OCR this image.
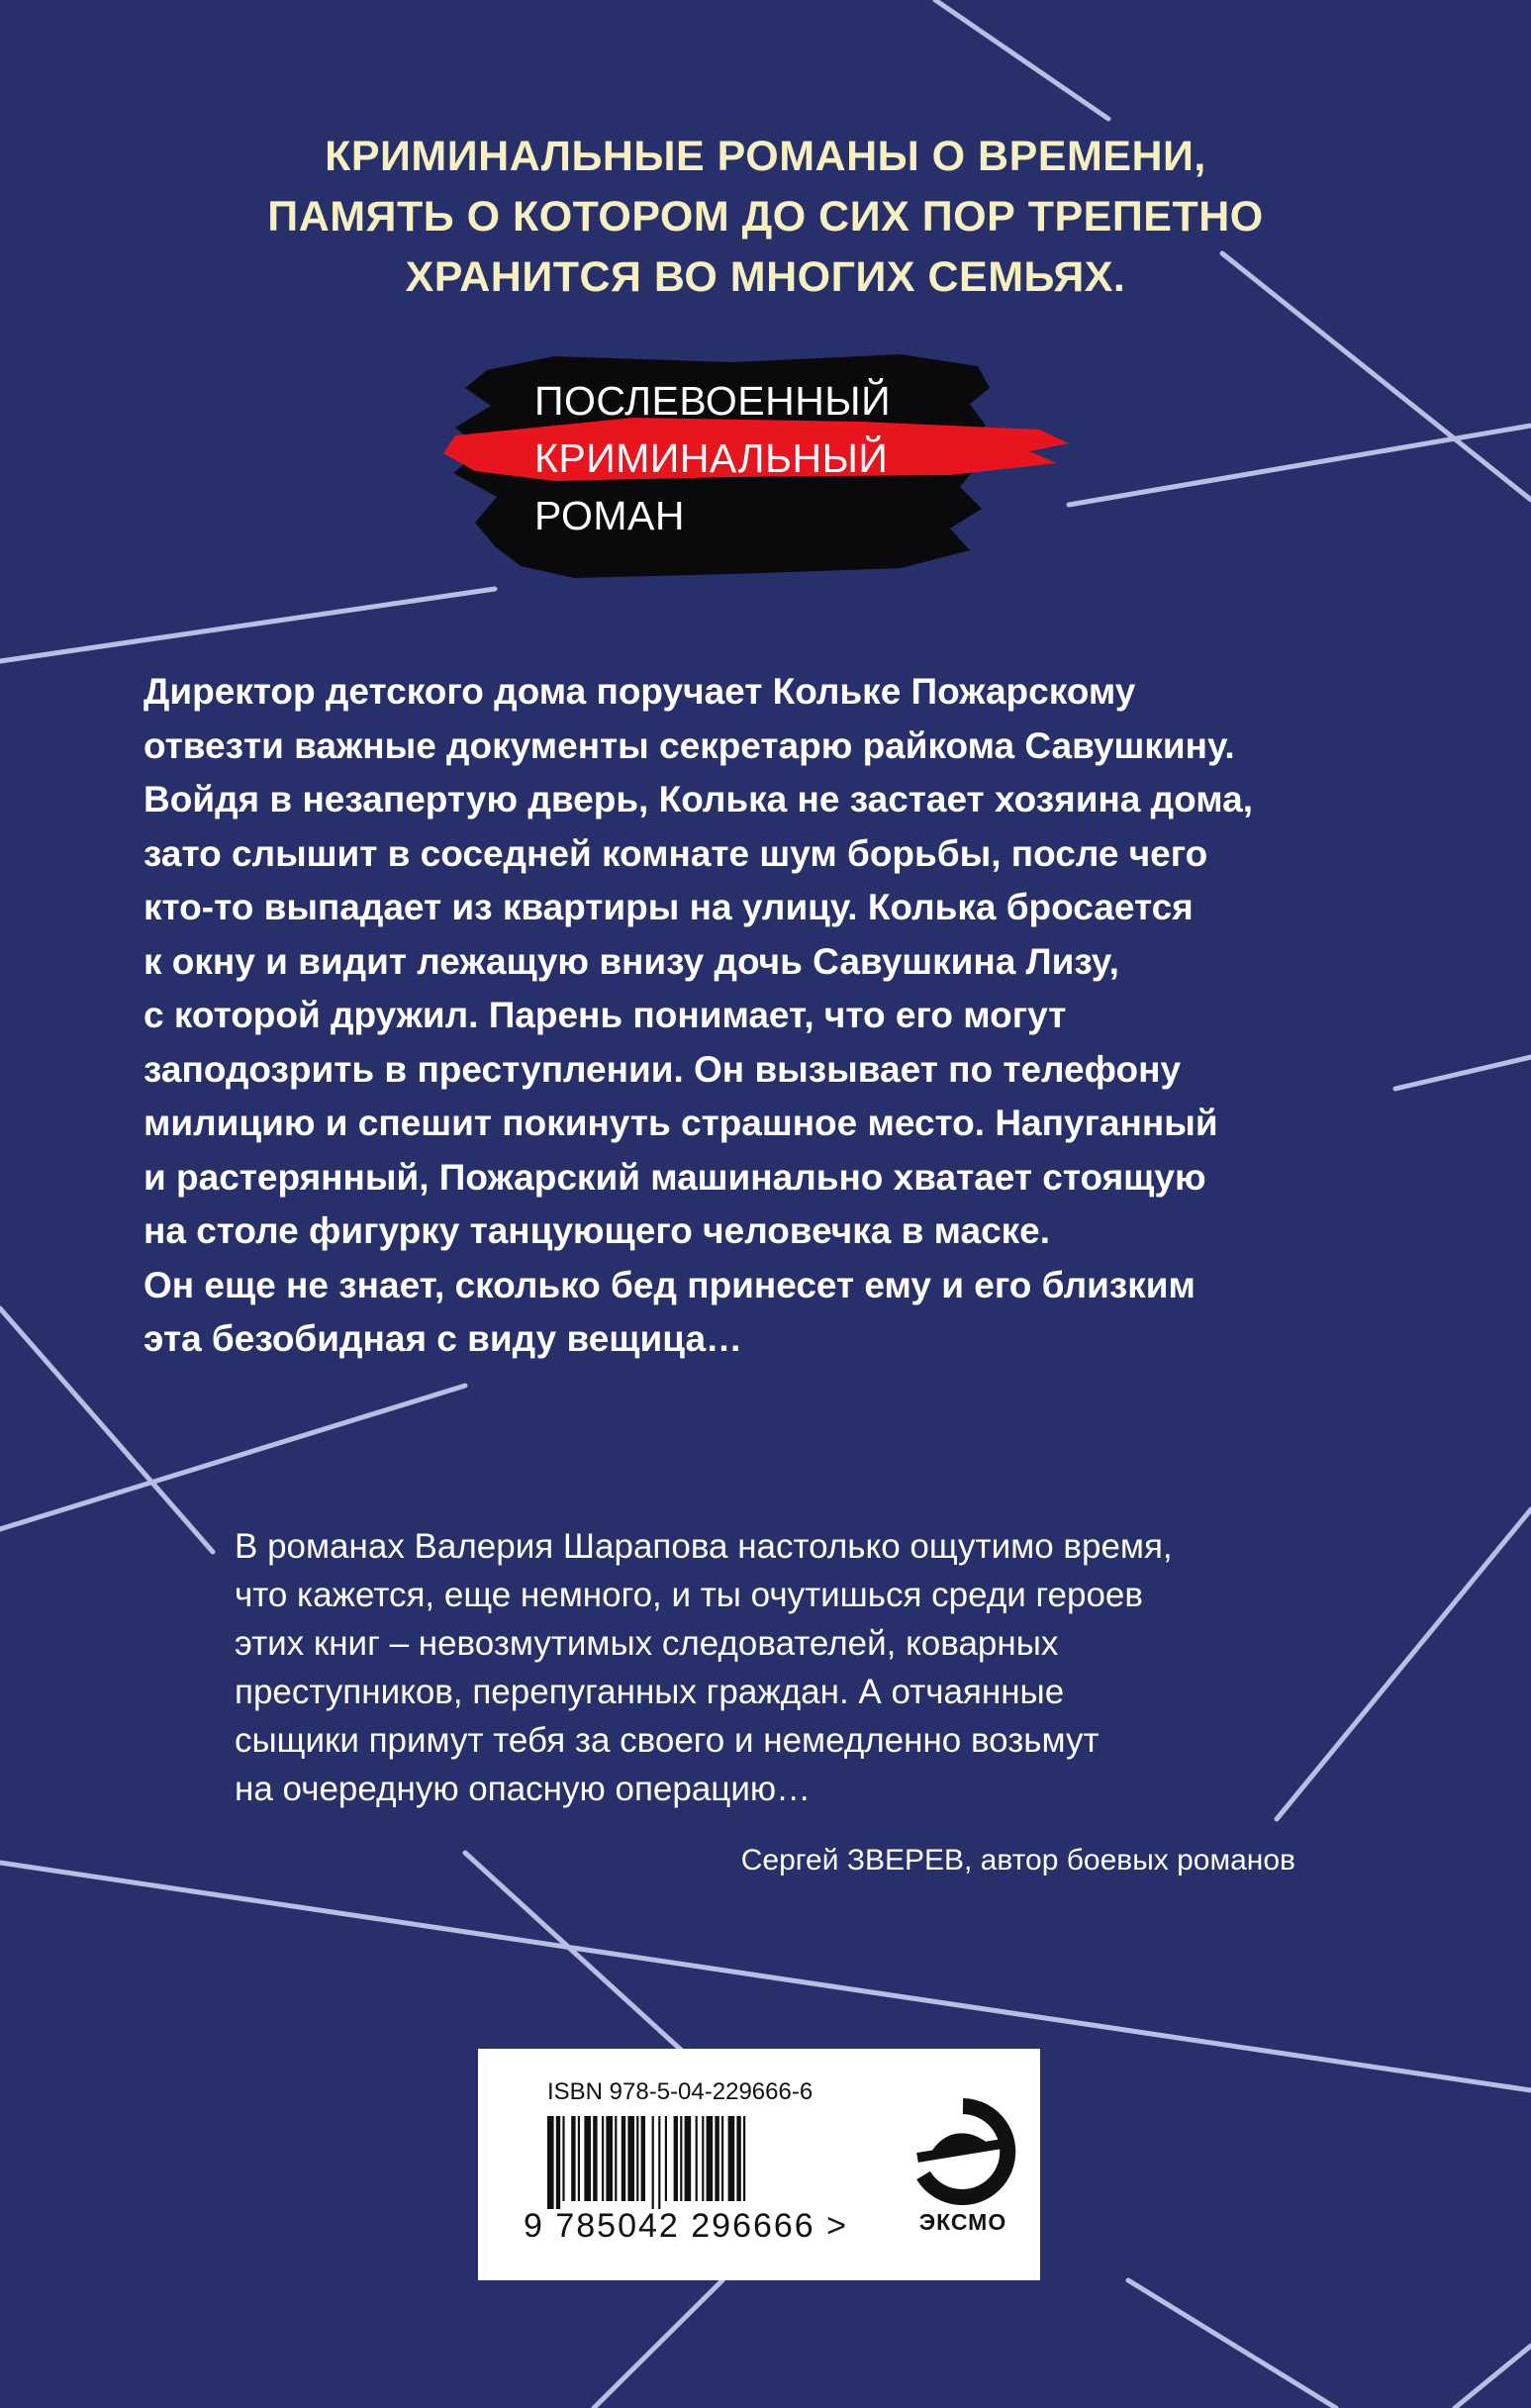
КРИМИНАЛЬНЫЕ РОМАНЫ О ВРЕМЕНИ,
ПАМЯТЬ О КОТОРОМ ДО СИХ ПОР ТРЕПЕТНО
ХРАНИТСЯ ВО МНОГИХ СЕМЬЯХ.
ПОСЛЕВОЕННЫЙ
КРИМИНАЛЬНЫЙ
РОМАН
Директор детского дома поручает Кольке Пожарскому
отвезти важные документы секретарю райкома Савушкину.
Войдя в незапертую дверь, Колька не застает хозяина дома,
зато слышит в соседней комнате шум борьбы, после чего
кто-то выпадает из квартиры на улицу. Колька бросается
к окну и видит лежащую внизу дочь Савушкина Лизу,
с которой дружил. Парень понимает, что его могут
заподозрить в преступлении. Он вызывает по телефону
милицию и спешит покинуть страшное место. Напуганный
и растерянный, Пожарский машинально хватает стоящую
на столе фигурку танцующего человечка в маске.
Он еще не знает, сколько бед принесет ему и его близким
эта безобидная с виду вещица…
В романах Валерия Шарапова настолько ощутимо время,
что кажется, еще немного, и ты очутишься среди героев
этих книг – невозмутимых следователей, коварных
преступников, перепуганных граждан. А отчаянные
сыщики примут тебя за своего и немедленно возьмут
на очередную опасную операцию…
Сергей ЗВЕРЕВ, автор боевых романов
ISBN 978-5-04-229666-6
9 785042 296666 >	ЭКСМО
